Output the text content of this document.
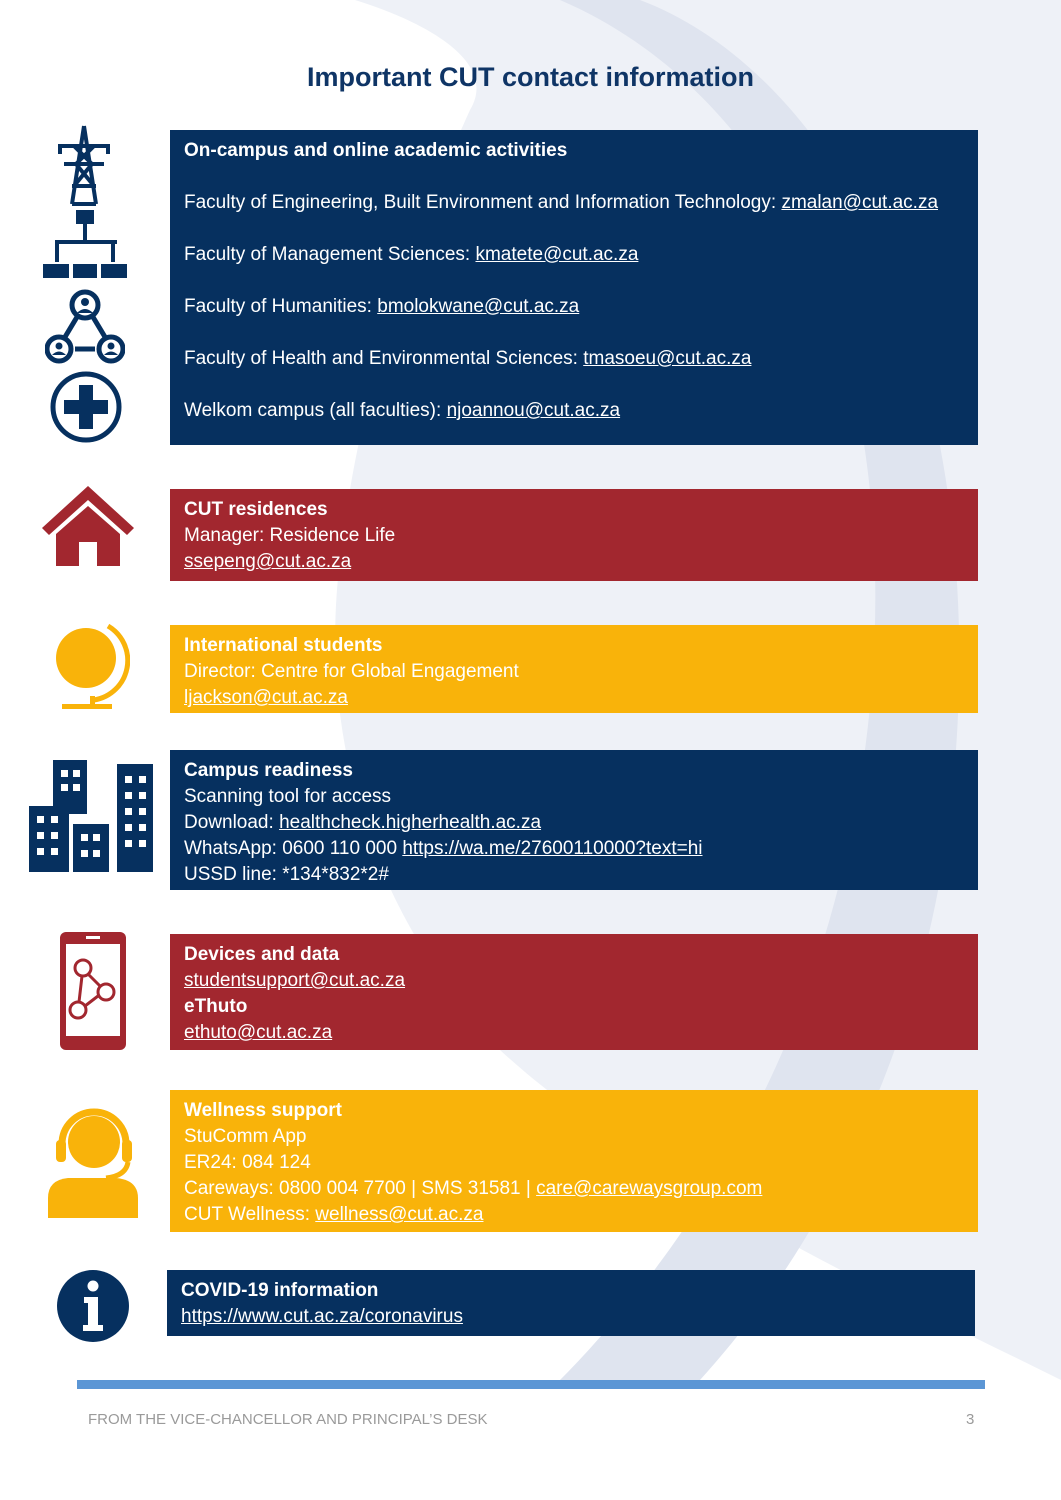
Important CUT contact information
On-campus and online academic activities
Faculty of Engineering, Built Environment and Information Technology: zmalan@cut.ac.za
Faculty of Management Sciences: kmatete@cut.ac.za
Faculty of Humanities: bmolokwane@cut.ac.za
Faculty of Health and Environmental Sciences: tmasoeu@cut.ac.za
Welkom campus (all faculties): njoannou@cut.ac.za
CUT residences
Manager: Residence Life
ssepeng@cut.ac.za
International students
Director: Centre for Global Engagement
ljackson@cut.ac.za
Campus readiness
Scanning tool for access
Download: healthcheck.higherhealth.ac.za
WhatsApp: 0600 110 000 https://wa.me/27600110000?text=hi
USSD line: *134*832*2#
Devices and data
studentsupport@cut.ac.za
eThuto
ethuto@cut.ac.za
Wellness support
StuComm App
ER24: 084 124
Careways: 0800 004 7700 | SMS 31581 | care@carewaysgroup.com
CUT Wellness: wellness@cut.ac.za
COVID-19 information
https://www.cut.ac.za/coronavirus
FROM THE VICE-CHANCELLOR AND PRINCIPAL’S DESK	3
